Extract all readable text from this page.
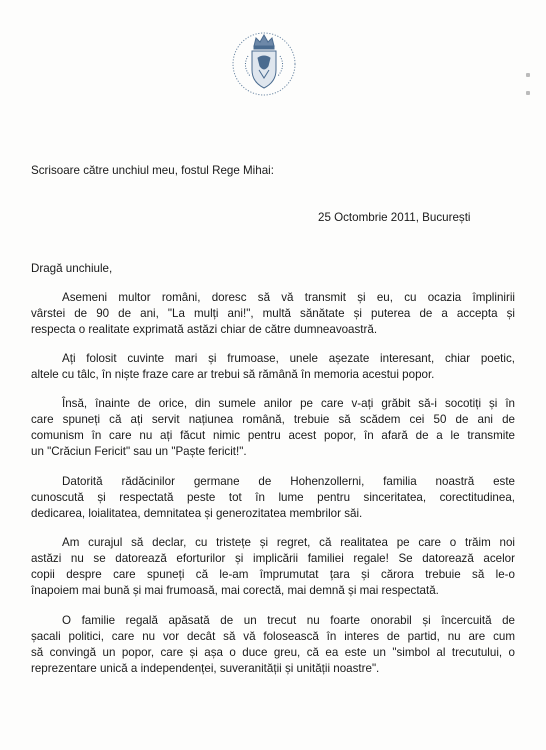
Scrisoare către unchiul meu, fostul Rege Mihai:
25 Octombrie 2011, București
Dragă unchiule,
Asemeni multor români, doresc să vă transmit și eu, cu ocazia împlinirii
vârstei de 90 de ani, "La mulți ani!", multă sănătate și puterea de a accepta și
respecta o realitate exprimată astăzi chiar de către dumneavoastră.
Ați folosit cuvinte mari și frumoase, unele așezate interesant, chiar poetic,
altele cu tâlc, în niște fraze care ar trebui să rămână în memoria acestui popor.
Însă, înainte de orice, din sumele anilor pe care v-ați grăbit să-i socotiți și în
care spuneți că ați servit națiunea română, trebuie să scădem cei 50 de ani de
comunism în care nu ați făcut nimic pentru acest popor, în afară de a le transmite
un "Crăciun Fericit" sau un "Paște fericit!".
Datorită rădăcinilor germane de Hohenzollerni, familia noastră este
cunoscută și respectată peste tot în lume pentru sinceritatea, corectitudinea,
dedicarea, loialitatea, demnitatea și generozitatea membrilor săi.
Am curajul să declar, cu tristețe și regret, că realitatea pe care o trăim noi
astăzi nu se datorează eforturilor și implicării familiei regale! Se datorează acelor
copii despre care spuneți că le-am împrumutat țara și cărora trebuie să le-o
înapoiem mai bună și mai frumoasă, mai corectă, mai demnă și mai respectată.
O familie regală apăsată de un trecut nu foarte onorabil și încercuită de
șacali politici, care nu vor decât să vă folosească în interes de partid, nu are cum
să convingă un popor, care și așa o duce greu, că ea este un "simbol al trecutului, o
reprezentare unică a independenței, suveranității și unității noastre".
